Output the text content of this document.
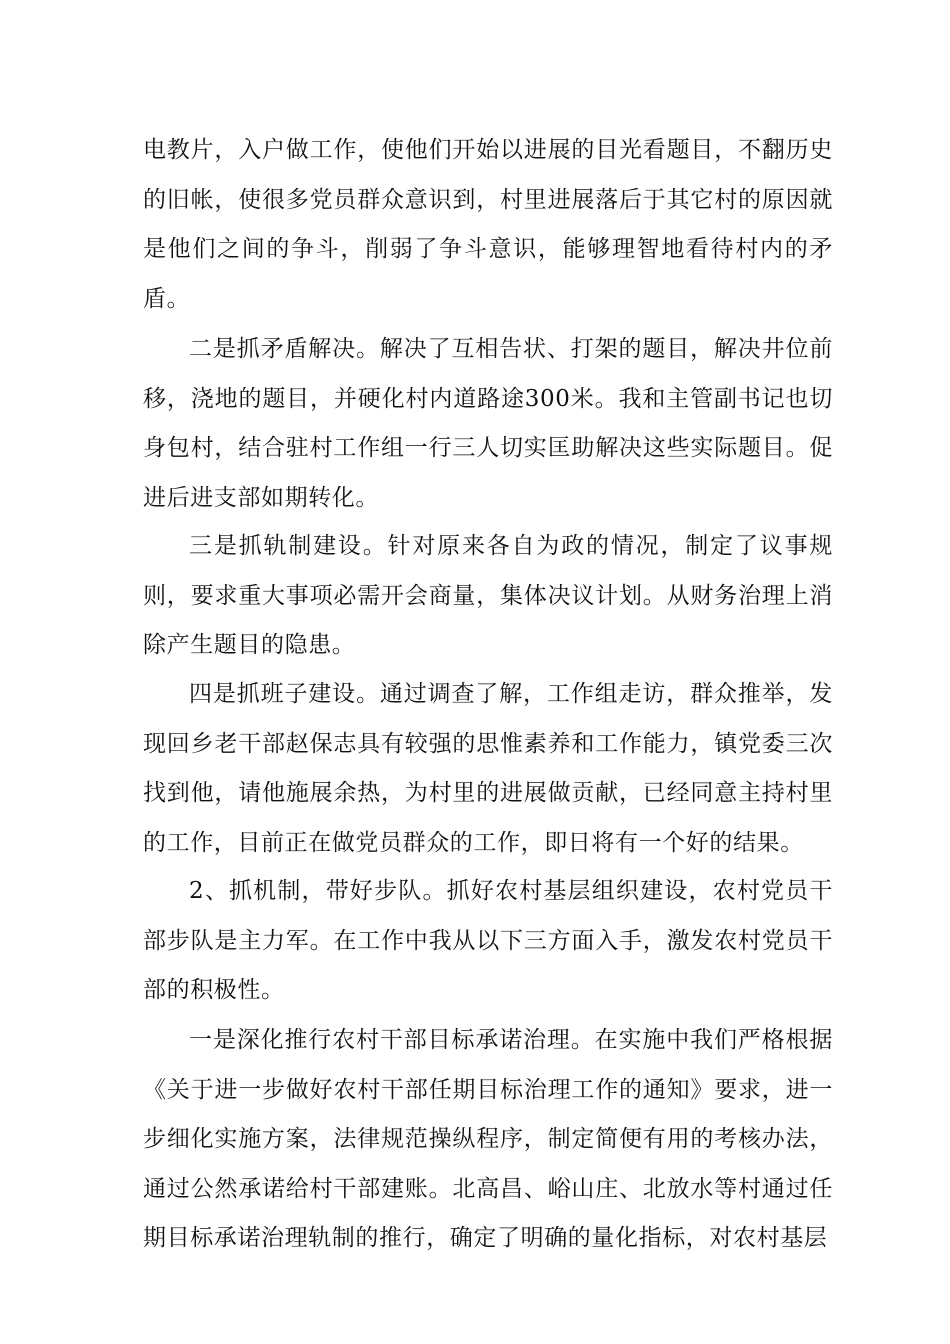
电教片，入户做工作，使他们开始以进展的目光看题目，不翻历史的旧帐，使很多党员群众意识到，村里进展落后于其它村的原因就是他们之间的争斗，削弱了争斗意识，能够理智地看待村内的矛盾。

二是抓矛盾解决。解决了互相告状、打架的题目，解决井位前移，浇地的题目，并硬化村内道路途300米。我和主管副书记也切身包村，结合驻村工作组一行三人切实匡助解决这些实际题目。促进后进支部如期转化。

三是抓轨制建设。针对原来各自为政的情况，制定了议事规则，要求重大事项必需开会商量，集体决议计划。从财务治理上消除产生题目的隐患。

四是抓班子建设。通过调查了解，工作组走访，群众推举，发现回乡老干部赵保志具有较强的思惟素养和工作能力，镇党委三次找到他，请他施展余热，为村里的进展做贡献，已经同意主持村里的工作，目前正在做党员群众的工作，即日将有一个好的结果。

2、抓机制，带好步队。抓好农村基层组织建设，农村党员干部步队是主力军。在工作中我从以下三方面入手，激发农村党员干部的积极性。

一是深化推行农村干部目标承诺治理。在实施中我们严格根据《关于进一步做好农村干部任期目标治理工作的通知》要求，进一步细化实施方案，法律规范操纵程序，制定简便有用的考核办法，通过公然承诺给村干部建账。北高昌、峪山庄、北放水等村通过任期目标承诺治理轨制的推行，确定了明确的量化指标，对农村基层
